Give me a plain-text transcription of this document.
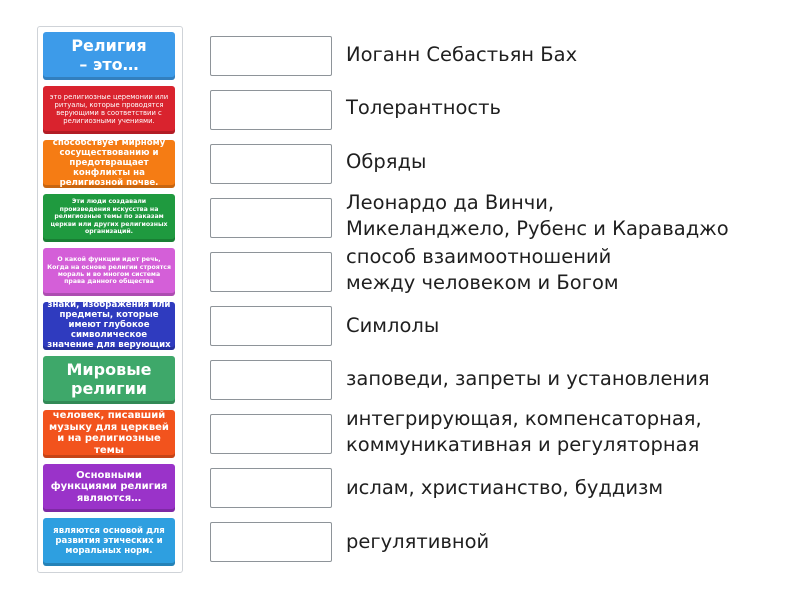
Религия
– это…
это религиозные церемонии или ритуалы, которые проводятся верующими в соответствии с религиозными учениями.
способствует мирному сосуществованию и предотвращает конфликты на религиозной почве.
Эти люди создавали произведения искусства на религиозные темы по заказам церкви или других религиозных организаций.
О какой функции идет речь, Когда на основе религии строятся мораль и во многом система права данного общества
знаки, изображения или предметы, которые имеют глубокое символическое значение для верующих
Мировые религии
человек, писавший музыку для церквей и на религиозные темы
Основными функциями религия являются…
являются основой для развития этических и моральных норм.
Иоганн Себастьян Бах
Толерантность
Обряды
Леонардо да Винчи,
Микеланджело, Рубенс и Караваджо
способ взаимоотношений
между человеком и Богом
Симлолы
заповеди, запреты и установления
интегрирующая, компенсаторная,
коммуникативная и регуляторная
ислам, христианство, буддизм
регулятивной
